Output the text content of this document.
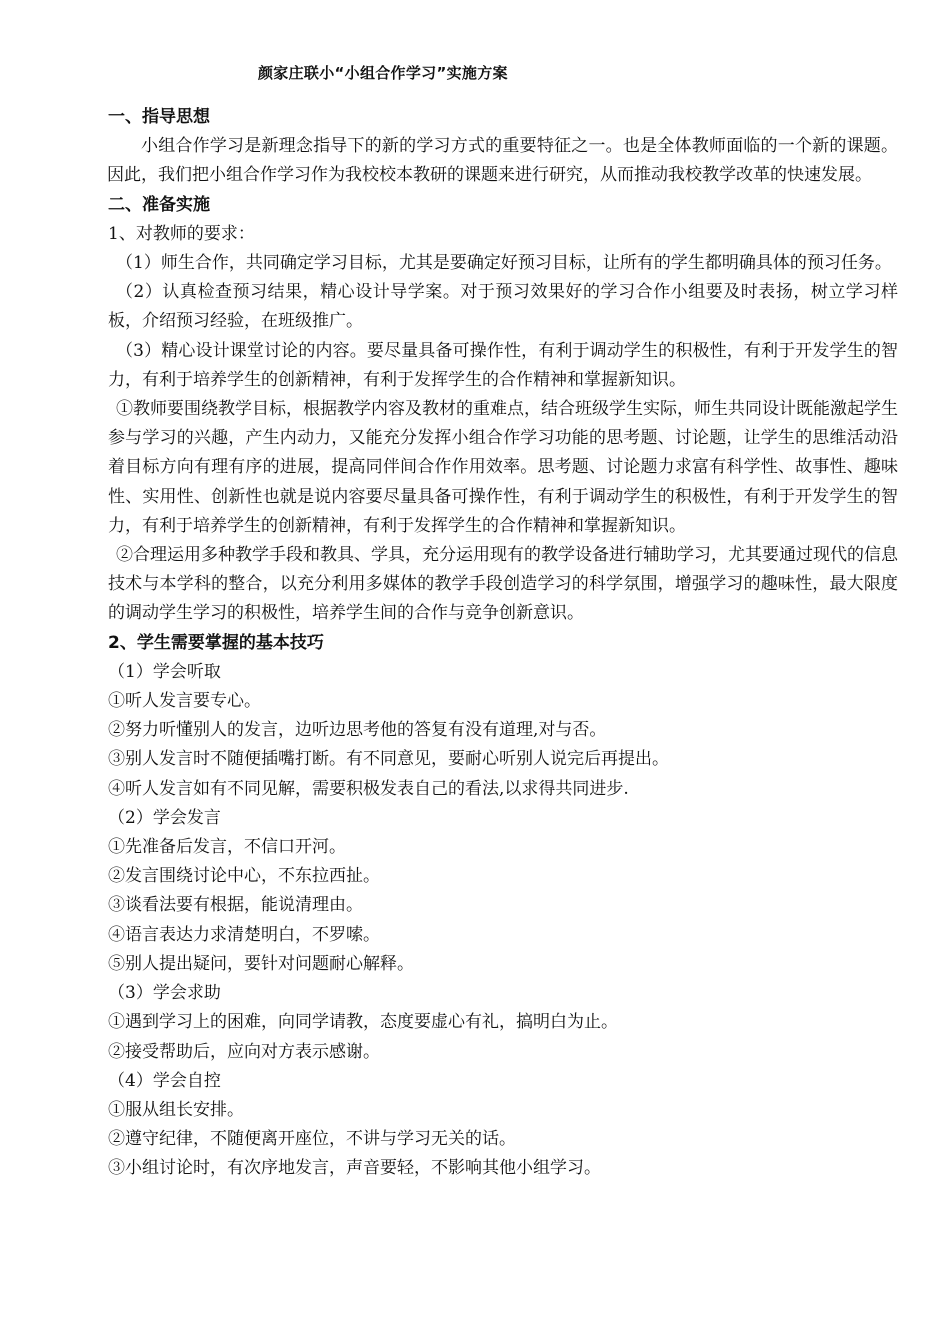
颜家庄联小“小组合作学习”实施方案

一、指导思想

小组合作学习是新理念指导下的新的学习方式的重要特征之一。也是全体教师面临的一个新的课题。因此，我们把小组合作学习作为我校校本教研的课题来进行研究，从而推动我校教学改革的快速发展。

二、准备实施

1、对教师的要求：

（1）师生合作，共同确定学习目标，尤其是要确定好预习目标，让所有的学生都明确具体的预习任务。

（2）认真检查预习结果，精心设计导学案。对于预习效果好的学习合作小组要及时表扬，树立学习样板，介绍预习经验，在班级推广。

（3）精心设计课堂讨论的内容。要尽量具备可操作性，有利于调动学生的积极性，有利于开发学生的智力，有利于培养学生的创新精神，有利于发挥学生的合作精神和掌握新知识。

①教师要围绕教学目标，根据教学内容及教材的重难点，结合班级学生实际，师生共同设计既能激起学生参与学习的兴趣，产生内动力，又能充分发挥小组合作学习功能的思考题、讨论题，让学生的思维活动沿着目标方向有理有序的进展，提高同伴间合作作用效率。思考题、讨论题力求富有科学性、故事性、趣味性、实用性、创新性也就是说内容要尽量具备可操作性，有利于调动学生的积极性，有利于开发学生的智力，有利于培养学生的创新精神，有利于发挥学生的合作精神和掌握新知识。

②合理运用多种教学手段和教具、学具，充分运用现有的教学设备进行辅助学习，尤其要通过现代的信息技术与本学科的整合，以充分利用多媒体的教学手段创造学习的科学氛围，增强学习的趣味性，最大限度的调动学生学习的积极性，培养学生间的合作与竞争创新意识。

2、学生需要掌握的基本技巧

（1）学会听取

①听人发言要专心。

②努力听懂别人的发言，边听边思考他的答复有没有道理,对与否。

③别人发言时不随便插嘴打断。有不同意见，要耐心听别人说完后再提出。

④听人发言如有不同见解，需要积极发表自己的看法,以求得共同进步.

（2）学会发言

①先准备后发言，不信口开河。

②发言围绕讨论中心，不东拉西扯。

③谈看法要有根据，能说清理由。

④语言表达力求清楚明白，不罗嗦。

⑤别人提出疑问，要针对问题耐心解释。

（3）学会求助

①遇到学习上的困难，向同学请教，态度要虚心有礼，搞明白为止。

②接受帮助后，应向对方表示感谢。

（4）学会自控

①服从组长安排。

②遵守纪律，不随便离开座位，不讲与学习无关的话。

③小组讨论时，有次序地发言，声音要轻，不影响其他小组学习。
